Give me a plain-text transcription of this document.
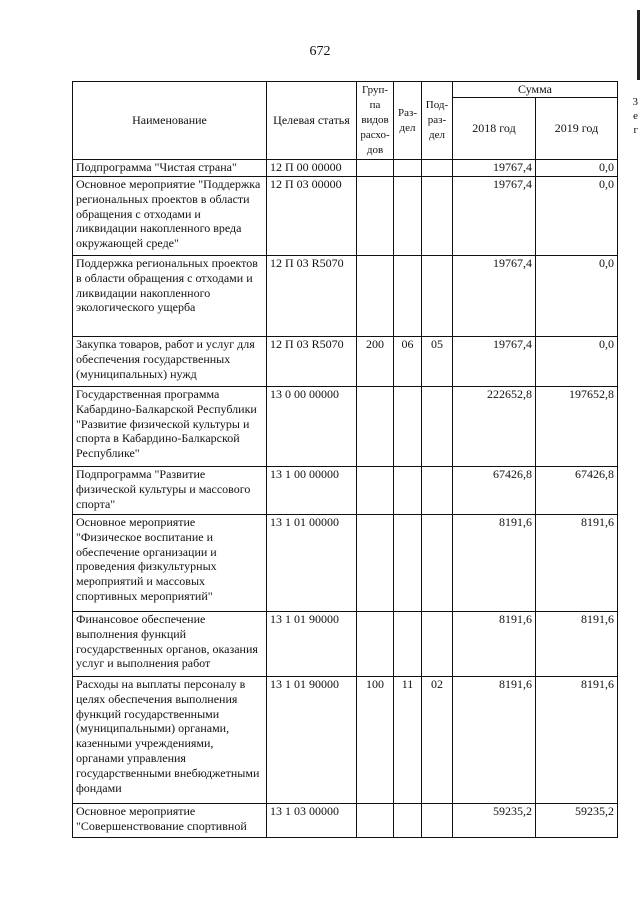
672
3
е
г
Наименование	Целевая статья	Груп-па видов расхо-дов	Раз-дел	Под-раз-дел	Сумма	
					2018 год	2019 год
Подпрограмма "Чистая страна"	12 П 00 00000				19767,4	0,0
Основное мероприятие "Поддержка региональных проектов в области обращения с отходами и ликвидации накопленного вреда окружающей среде"	12 П 03 00000				19767,4	0,0
Поддержка региональных проектов в области обращения с отходами и ликвидации накопленного экологического ущерба	12 П 03 R5070				19767,4	0,0
Закупка товаров, работ и услуг для обеспечения государственных (муниципальных) нужд	12 П 03 R5070	200	06	05	19767,4	0,0
Государственная программа Кабардино-Балкарской Республики "Развитие физической культуры и спорта в Кабардино-Балкарской Республике"	13 0 00 00000				222652,8	197652,8
Подпрограмма "Развитие физической культуры и массового спорта"	13 1 00 00000				67426,8	67426,8
Основное мероприятие "Физическое воспитание и обеспечение организации и проведения физкультурных мероприятий и массовых спортивных мероприятий"	13 1 01 00000				8191,6	8191,6
Финансовое обеспечение выполнения функций государственных органов, оказания услуг и выполнения работ	13 1 01 90000				8191,6	8191,6
Расходы на выплаты персоналу в целях обеспечения выполнения функций государственными (муниципальными) органами, казенными учреждениями, органами управления государственными внебюджетными фондами	13 1 01 90000	100	11	02	8191,6	8191,6
Основное мероприятие "Совершенствование спортивной	13 1 03 00000				59235,2	59235,2
